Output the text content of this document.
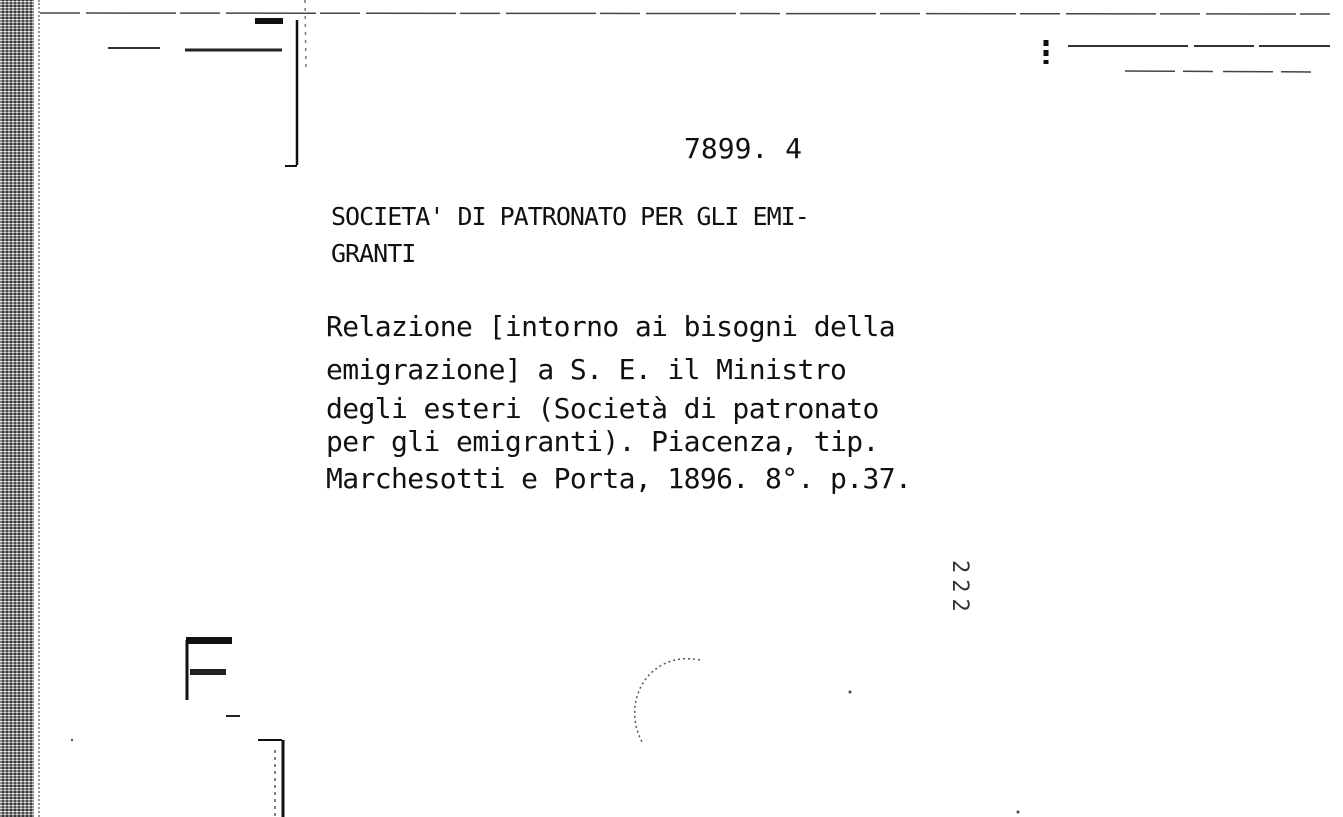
7899. 4
SOCIETA' DI PATRONATO PER GLI EMI-
GRANTI
Relazione [intorno ai bisogni della
emigrazione] a S. E. il Ministro
degli esteri (Società di patronato
per gli emigranti). Piacenza, tip.
Marchesotti e Porta, 1896. 8°. p.37.
222
